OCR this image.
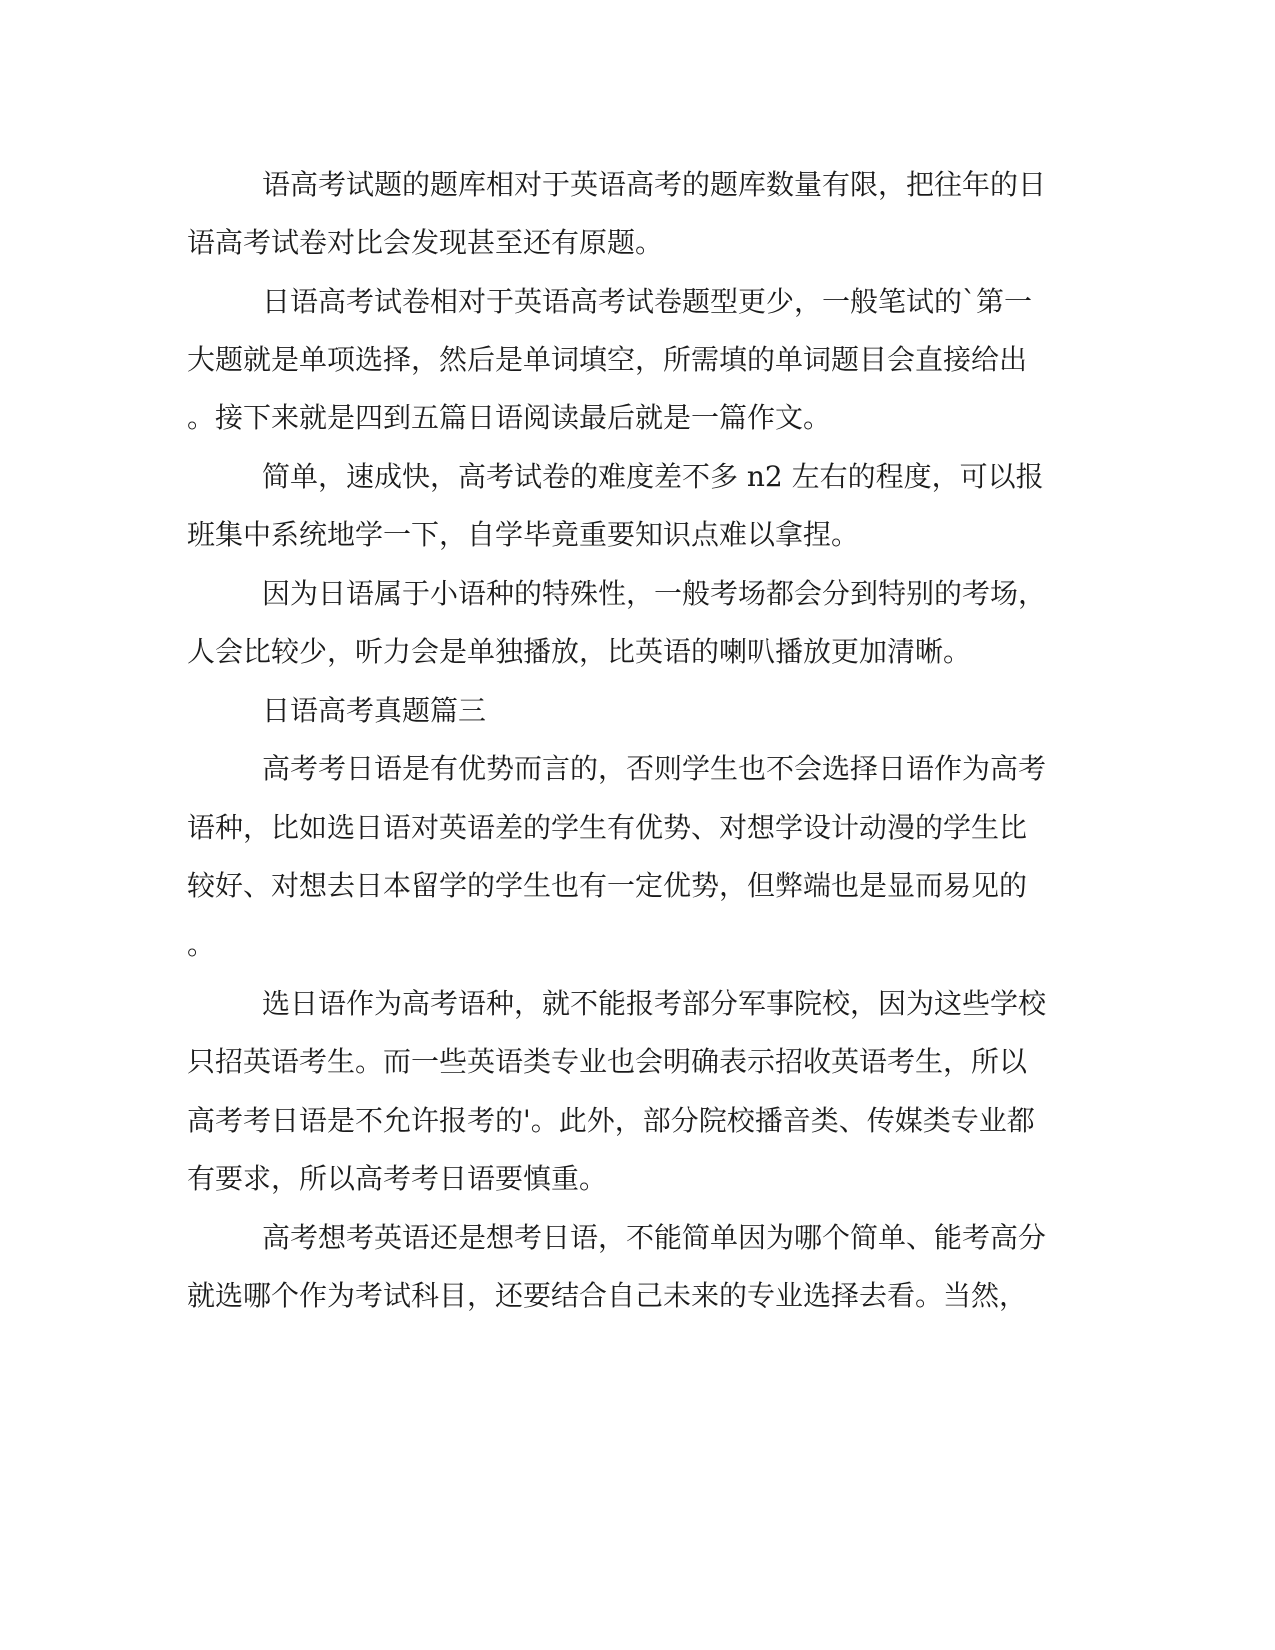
语高考试题的题库相对于英语高考的题库数量有限，把往年的日
语高考试卷对比会发现甚至还有原题。
日语高考试卷相对于英语高考试卷题型更少，一般笔试的`第一
大题就是单项选择，然后是单词填空，所需填的单词题目会直接给出
。接下来就是四到五篇日语阅读最后就是一篇作文。
简单，速成快，高考试卷的难度差不多 n2 左右的程度，可以报
班集中系统地学一下，自学毕竟重要知识点难以拿捏。
因为日语属于小语种的特殊性，一般考场都会分到特别的考场，
人会比较少，听力会是单独播放，比英语的喇叭播放更加清晰。
日语高考真题篇三
高考考日语是有优势而言的，否则学生也不会选择日语作为高考
语种，比如选日语对英语差的学生有优势、对想学设计动漫的学生比
较好、对想去日本留学的学生也有一定优势，但弊端也是显而易见的
。
选日语作为高考语种，就不能报考部分军事院校，因为这些学校
只招英语考生。而一些英语类专业也会明确表示招收英语考生，所以
高考考日语是不允许报考的'。此外，部分院校播音类、传媒类专业都
有要求，所以高考考日语要慎重。
高考想考英语还是想考日语，不能简单因为哪个简单、能考高分
就选哪个作为考试科目，还要结合自己未来的专业选择去看。当然，
